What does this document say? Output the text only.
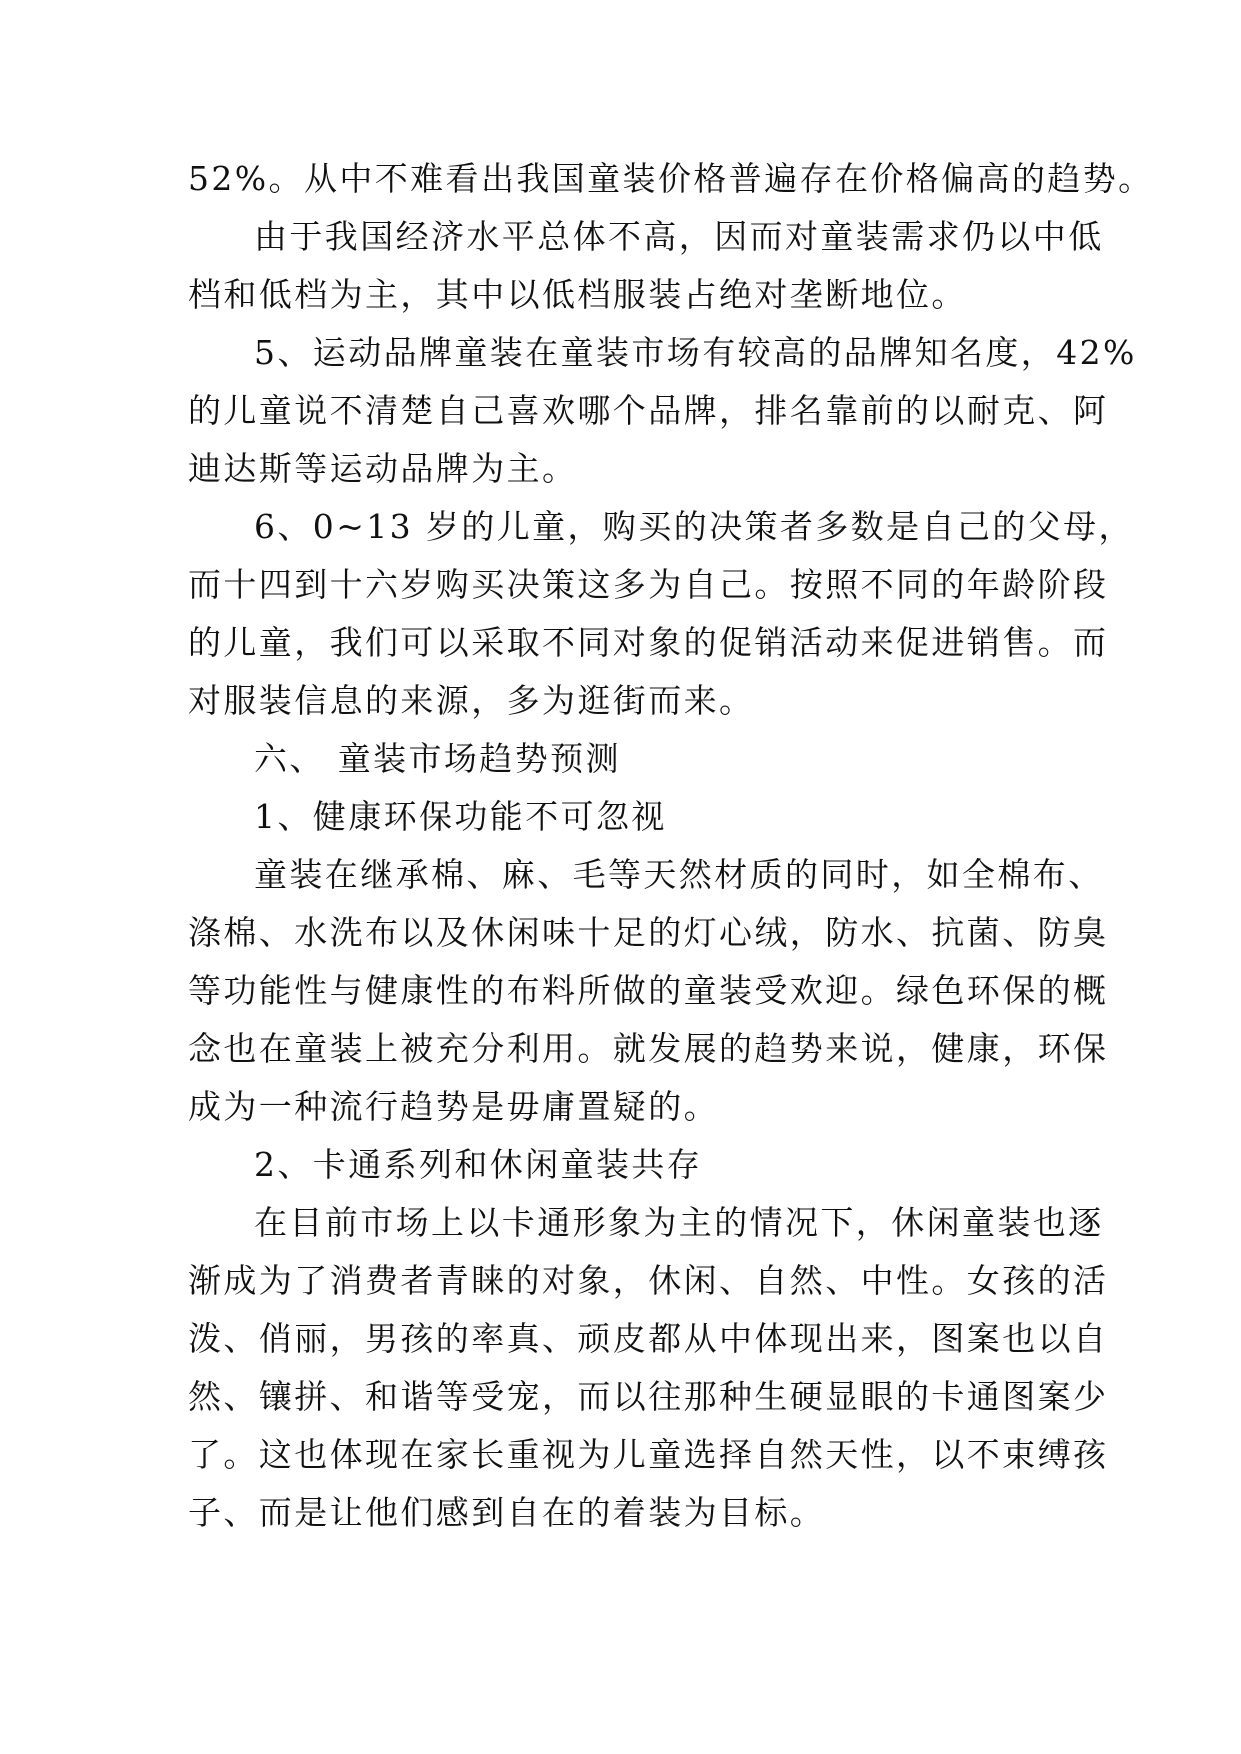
52%。从中不难看出我国童装价格普遍存在价格偏高的趋势。
由于我国经济水平总体不高，因而对童装需求仍以中低
档和低档为主，其中以低档服装占绝对垄断地位。
5、运动品牌童装在童装市场有较高的品牌知名度，42%
的儿童说不清楚自己喜欢哪个品牌，排名靠前的以耐克、阿
迪达斯等运动品牌为主。
6、0~13 岁的儿童，购买的决策者多数是自己的父母，
而十四到十六岁购买决策这多为自己。按照不同的年龄阶段
的儿童，我们可以采取不同对象的促销活动来促进销售。而
对服装信息的来源，多为逛街而来。
六、 童装市场趋势预测
1、健康环保功能不可忽视
童装在继承棉、麻、毛等天然材质的同时，如全棉布、
涤棉、水洗布以及休闲味十足的灯心绒，防水、抗菌、防臭
等功能性与健康性的布料所做的童装受欢迎。绿色环保的概
念也在童装上被充分利用。就发展的趋势来说，健康，环保
成为一种流行趋势是毋庸置疑的。
2、卡通系列和休闲童装共存
在目前市场上以卡通形象为主的情况下，休闲童装也逐
渐成为了消费者青睐的对象，休闲、自然、中性。女孩的活
泼、俏丽，男孩的率真、顽皮都从中体现出来，图案也以自
然、镶拼、和谐等受宠，而以往那种生硬显眼的卡通图案少
了。这也体现在家长重视为儿童选择自然天性，以不束缚孩
子、而是让他们感到自在的着装为目标。
